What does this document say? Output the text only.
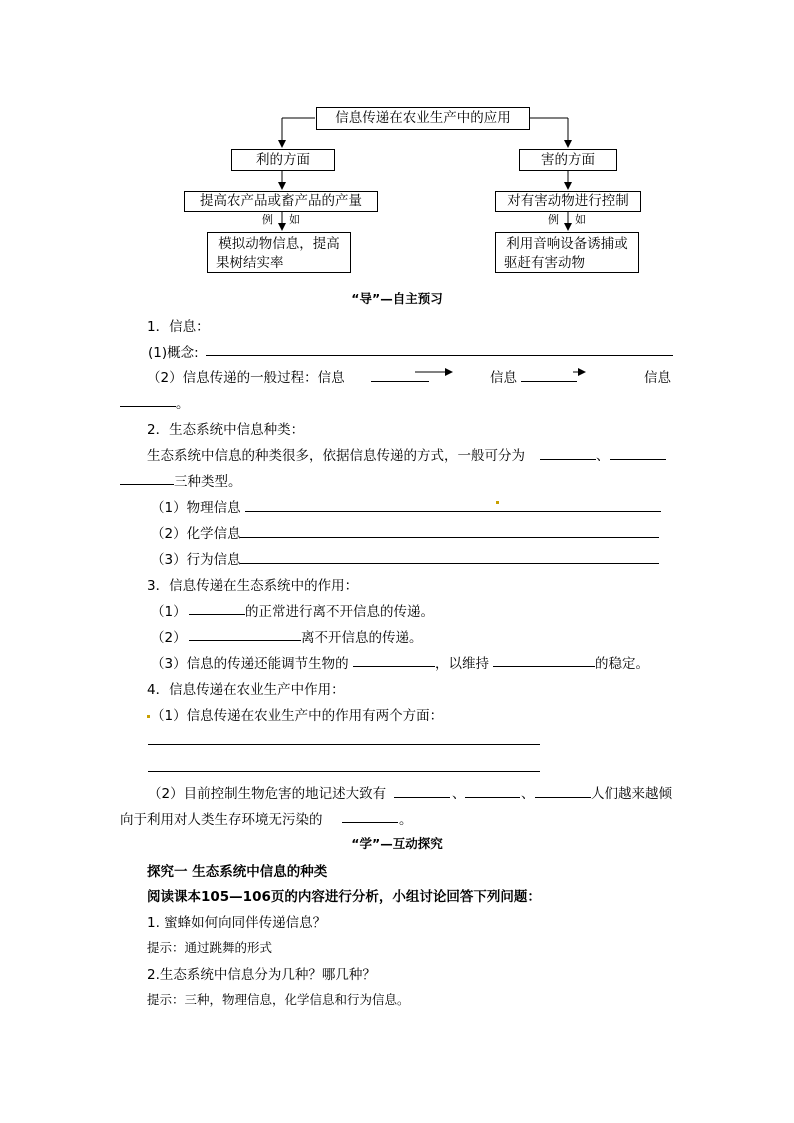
信息传递在农业生产中的应用
利的方面	害的方面
提高农产品或畜产品的产量	对有害动物进行控制
例 如	例 如
模拟动物信息，提高
果树结实率
利用音响设备诱捕或
驱赶有害动物
“导”—自主预习
1．信息：
(1)概念:
（2）信息传递的一般过程：信息	信息	信息
。
2．生态系统中信息种类：
生态系统中信息的种类很多，依据信息传递的方式，一般可分为	、
三种类型。
（1）物理信息
（2）化学信息
（3）行为信息
3．信息传递在生态系统中的作用：
（1）	的正常进行离不开信息的传递。
（2）	离不开信息的传递。
（3）信息的传递还能调节生物的	，以维持	的稳定。
4．信息传递在农业生产中作用：
（1）信息传递在农业生产中的作用有两个方面：
（2）目前控制生物危害的地记述大致有	、	、	人们越来越倾
向于利用对人类生存环境无污染的	。
“学”—互动探究
探究一 生态系统中信息的种类
阅读课本105—106页的内容进行分析，小组讨论回答下列问题：
1. 蜜蜂如何向同伴传递信息？
提示：通过跳舞的形式
2.生态系统中信息分为几种？哪几种？
提示：三种，物理信息，化学信息和行为信息。
